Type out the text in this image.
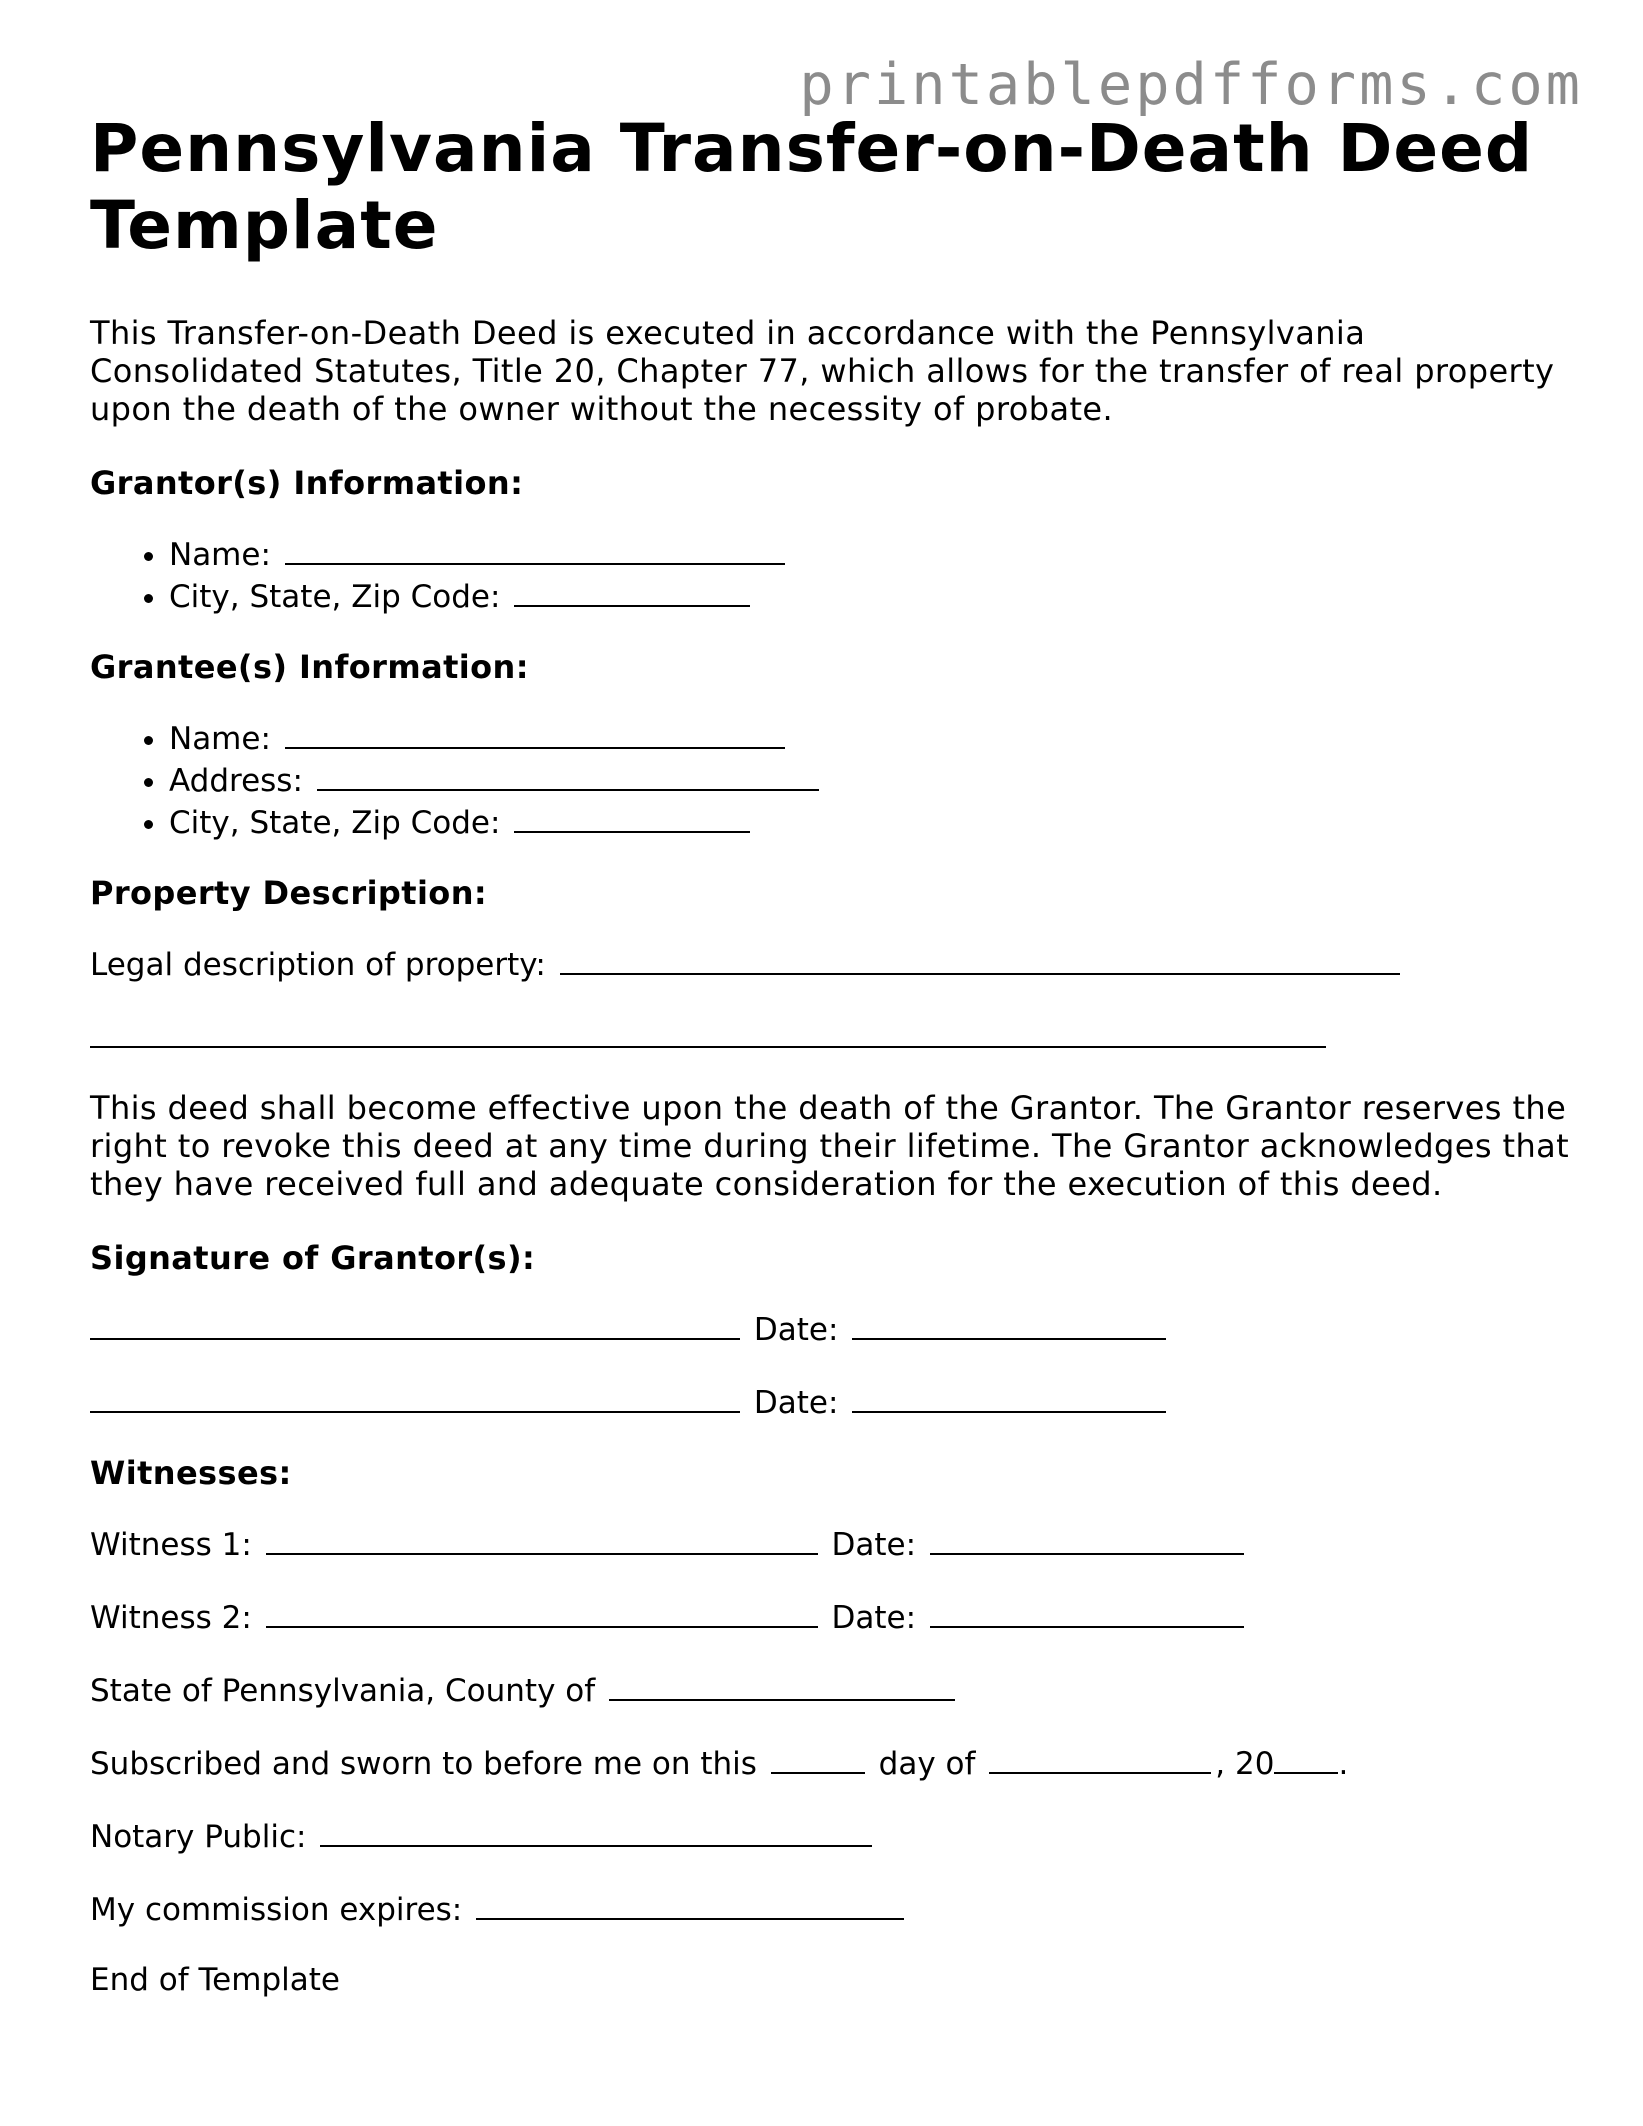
printablepdfforms.com
Pennsylvania Transfer-on-Death Deed Template

This Transfer-on-Death Deed is executed in accordance with the Pennsylvania Consolidated Statutes, Title 20, Chapter 77, which allows for the transfer of real property upon the death of the owner without the necessity of probate.

Grantor(s) Information:
• Name:
• City, State, Zip Code:
Grantee(s) Information:
• Name:
• Address:
• City, State, Zip Code:
Property Description:
Legal description of property:

This deed shall become effective upon the death of the Grantor. The Grantor reserves the right to revoke this deed at any time during their lifetime. The Grantor acknowledges that they have received full and adequate consideration for the execution of this deed.

Signature of Grantor(s):
Date:
Date:
Witnesses:
Witness 1:	Date:
Witness 2:	Date:
State of Pennsylvania, County of
Subscribed and sworn to before me on this	day of	, 20 .
Notary Public:
My commission expires:
End of Template
